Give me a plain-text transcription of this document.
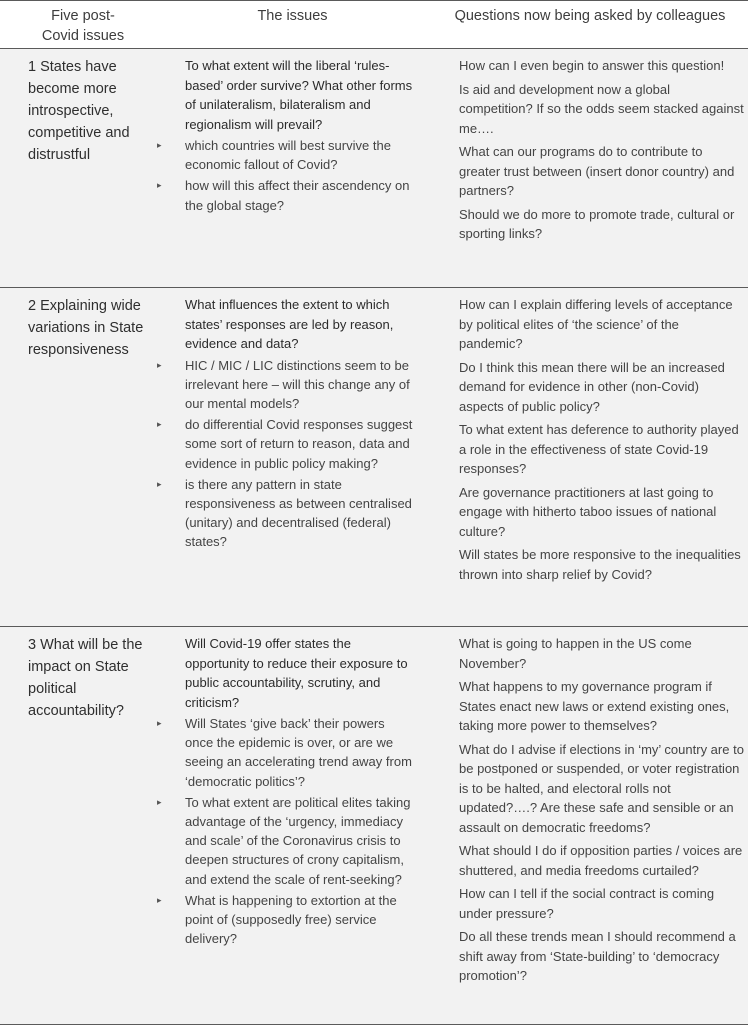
Five post-
Covid issues
The issues	Questions now being asked by colleagues
1 States have become more introspective, competitive and distrustful

To what extent will the liberal ‘rules-based’ order survive? What other forms of unilateralism, bilateralism and regionalism will prevail?

▸ which countries will best survive the economic fallout of Covid?
▸ how will this affect their ascendency on the global stage?

How can I even begin to answer this question!

Is aid and development now a global competition? If so the odds seem stacked against me….

What can our programs do to contribute to greater trust between (insert donor country) and partners?

Should we do more to promote trade, cultural or sporting links?

2 Explaining wide variations in State responsiveness

What influences the extent to which states’ responses are led by reason, evidence and data?

▸ HIC / MIC / LIC distinctions seem to be irrelevant here – will this change any of our mental models?
▸ do differential Covid responses suggest some sort of return to reason, data and evidence in public policy making?
▸ is there any pattern in state responsiveness as between centralised (unitary) and decentralised (federal) states?

How can I explain differing levels of acceptance by political elites of ‘the science’ of the pandemic?

Do I think this mean there will be an increased demand for evidence in other (non-Covid) aspects of public policy?

To what extent has deference to authority played a role in the effectiveness of state Covid-19 responses?

Are governance practitioners at last going to engage with hitherto taboo issues of national culture?

Will states be more responsive to the inequalities thrown into sharp relief by Covid?

3 What will be the impact on State political accountability?

Will Covid-19 offer states the opportunity to reduce their exposure to public accountability, scrutiny, and criticism?

▸ Will States ‘give back’ their powers once the epidemic is over, or are we seeing an accelerating trend away from ‘democratic politics’?
▸ To what extent are political elites taking advantage of the ‘urgency, immediacy and scale’ of the Coronavirus crisis to deepen structures of crony capitalism, and extend the scale of rent-seeking?
▸ What is happening to extortion at the point of (supposedly free) service delivery?

What is going to happen in the US come November?

What happens to my governance program if States enact new laws or extend existing ones, taking more power to themselves?

What do I advise if elections in ‘my’ country are to be postponed or suspended, or voter registration is to be halted, and electoral rolls not updated?….? Are these safe and sensible or an assault on democratic freedoms?

What should I do if opposition parties / voices are shuttered, and media freedoms curtailed?

How can I tell if the social contract is coming under pressure?

Do all these trends mean I should recommend a shift away from ‘State-building’ to ‘democracy promotion’?
